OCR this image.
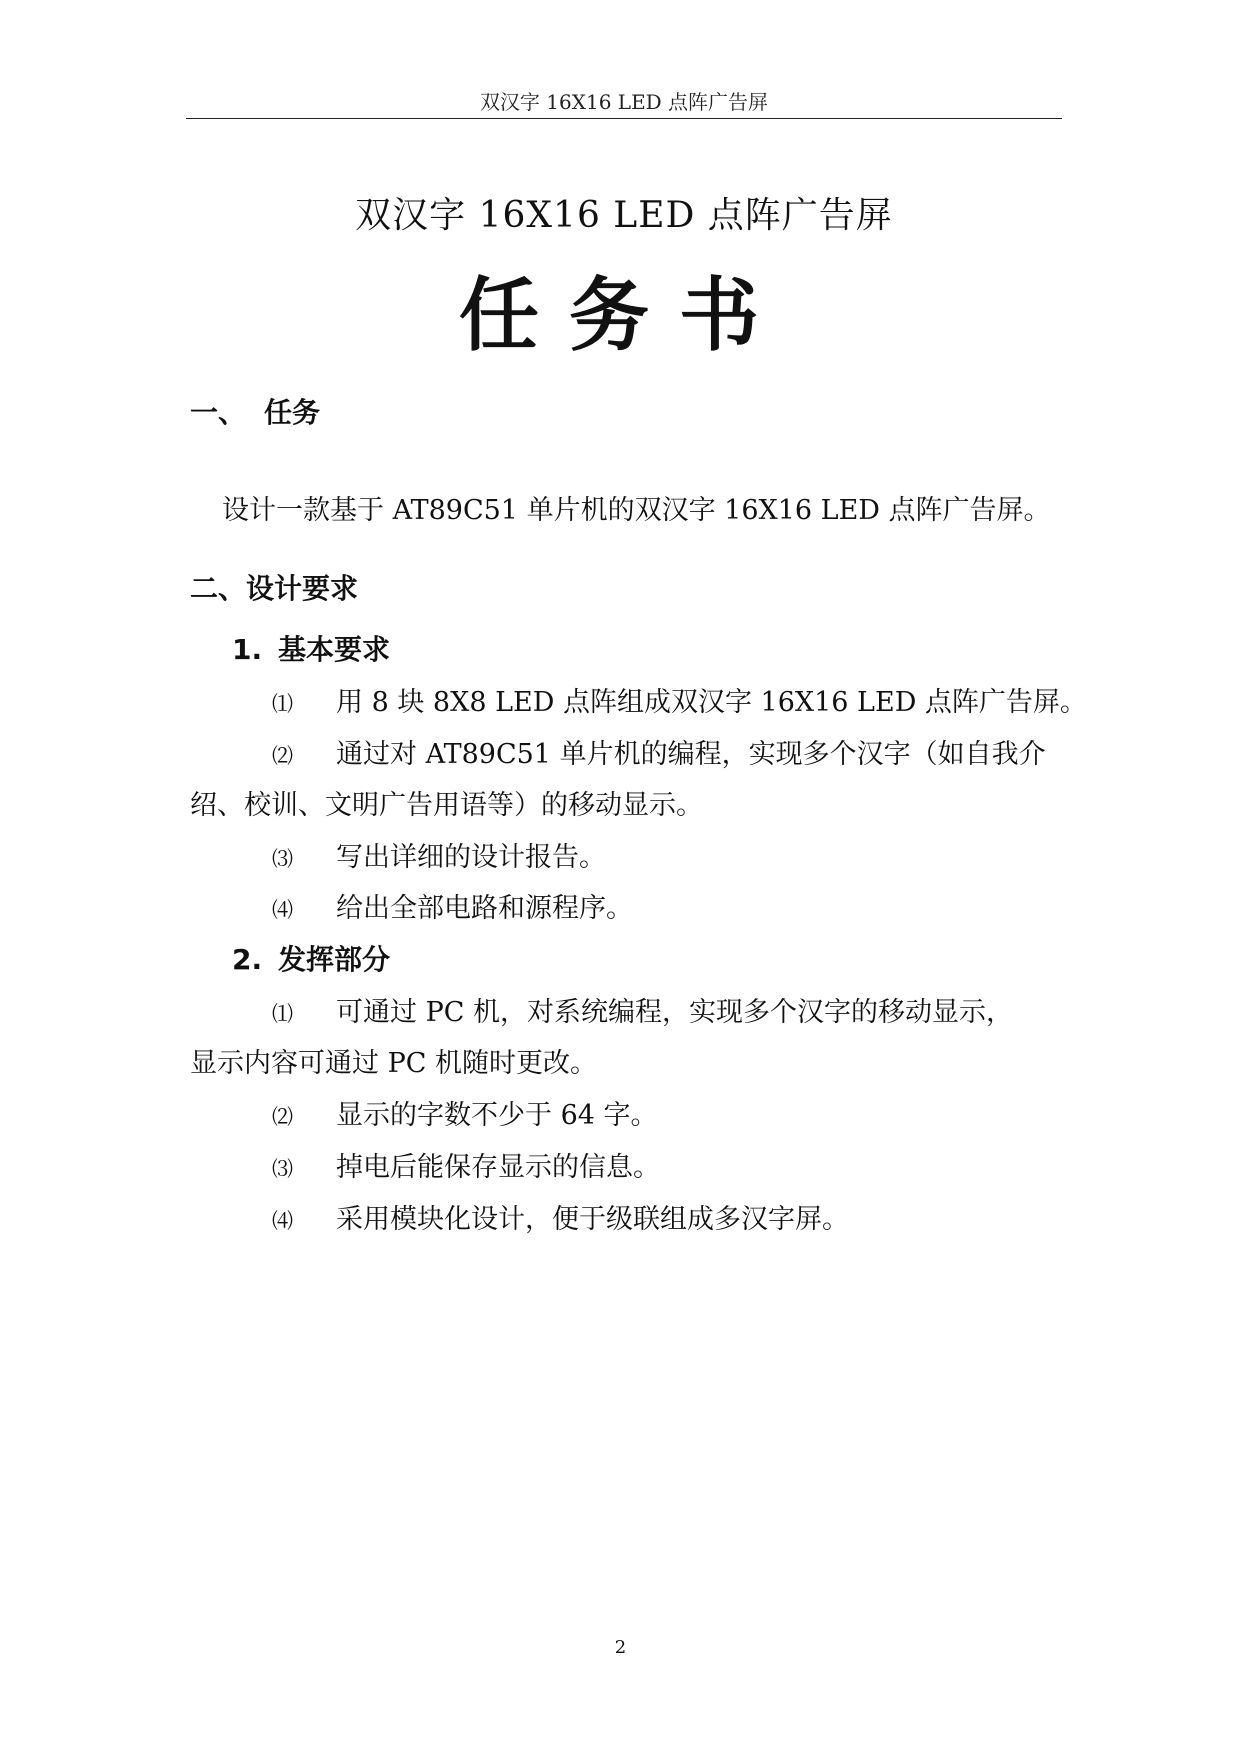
双汉字 16X16 LED 点阵广告屏
双汉字 16X16 LED 点阵广告屏
任务书
一、 任务
设计一款基于 AT89C51 单片机的双汉字 16X16 LED 点阵广告屏。
二、设计要求
1. 基本要求
⑴ 用 8 块 8X8 LED 点阵组成双汉字 16X16 LED 点阵广告屏。
⑵ 通过对 AT89C51 单片机的编程，实现多个汉字（如自我介
绍、校训、文明广告用语等）的移动显示。
⑶ 写出详细的设计报告。
⑷ 给出全部电路和源程序。
2. 发挥部分
⑴ 可通过 PC 机，对系统编程，实现多个汉字的移动显示，
显示内容可通过 PC 机随时更改。
⑵ 显示的字数不少于 64 字。
⑶ 掉电后能保存显示的信息。
⑷ 采用模块化设计，便于级联组成多汉字屏。
2
